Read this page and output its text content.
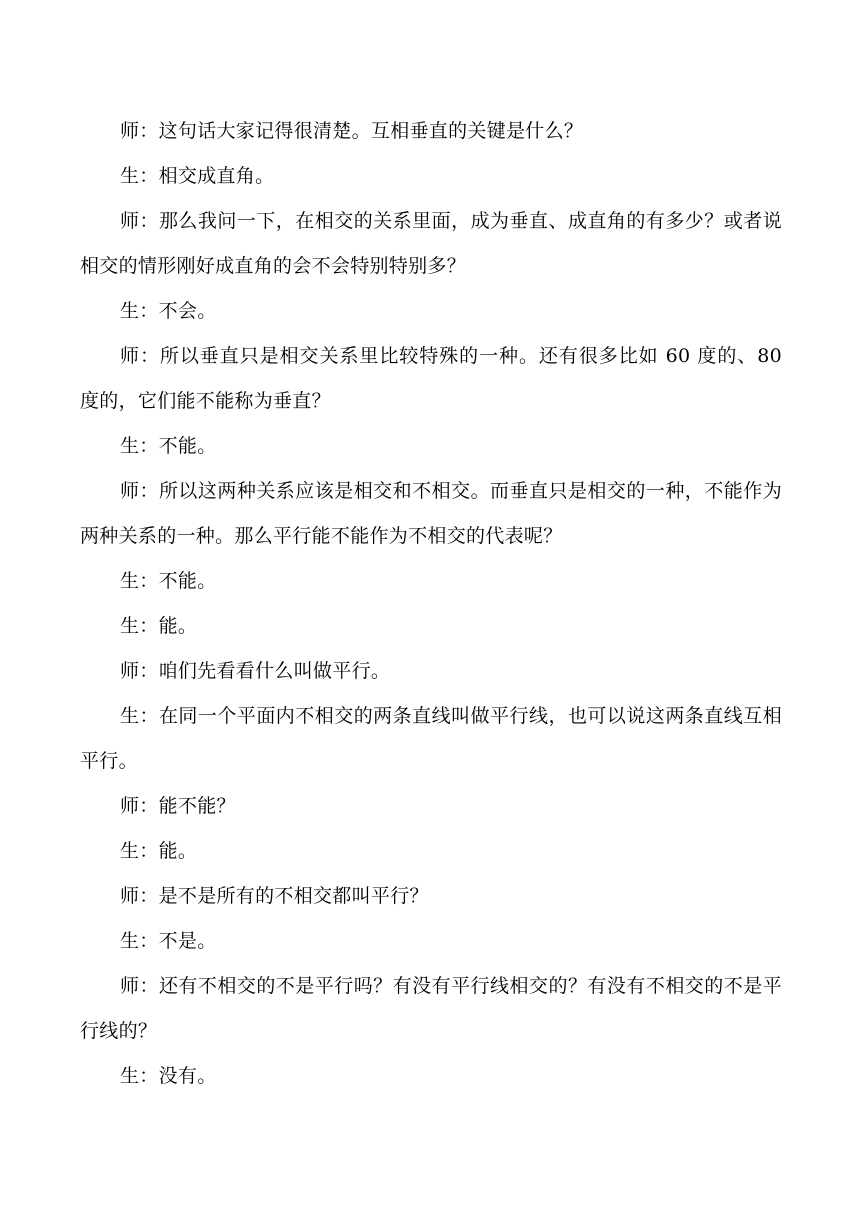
师：这句话大家记得很清楚。互相垂直的关键是什么？

生：相交成直角。

师：那么我问一下，在相交的关系里面，成为垂直、成直角的有多少？或者说相交的情形刚好成直角的会不会特别特别多？

生：不会。

师：所以垂直只是相交关系里比较特殊的一种。还有很多比如 60 度的、80 度的，它们能不能称为垂直？

生：不能。

师：所以这两种关系应该是相交和不相交。而垂直只是相交的一种，不能作为两种关系的一种。那么平行能不能作为不相交的代表呢？

生：不能。

生：能。

师：咱们先看看什么叫做平行。

生：在同一个平面内不相交的两条直线叫做平行线，也可以说这两条直线互相平行。

师：能不能？

生：能。

师：是不是所有的不相交都叫平行？

生：不是。

师：还有不相交的不是平行吗？有没有平行线相交的？有没有不相交的不是平行线的？

生：没有。
